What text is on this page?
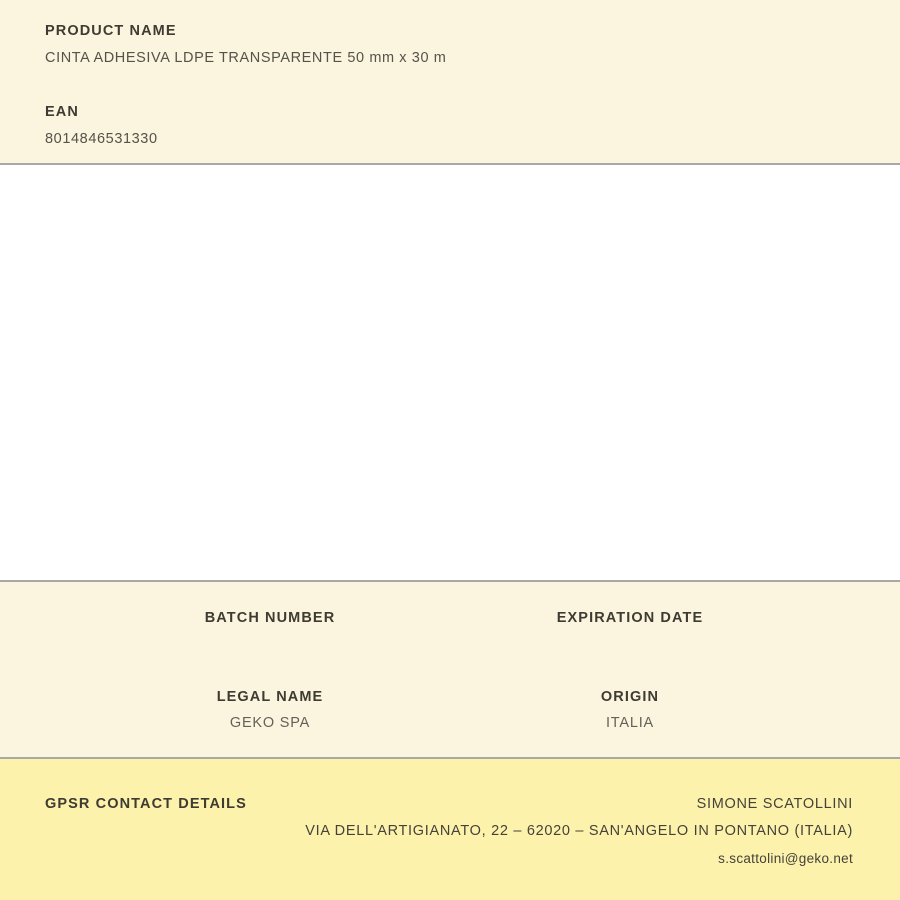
PRODUCT NAME
CINTA ADHESIVA LDPE TRANSPARENTE 50 mm x 30 m
EAN
8014846531330
BATCH NUMBER	EXPIRATION DATE
LEGAL NAME
GEKO SPA
ORIGIN
ITALIA
GPSR CONTACT DETAILS	SIMONE SCATOLLINI
VIA DELL'ARTIGIANATO, 22 – 62020 – SAN'ANGELO IN PONTANO (ITALIA)
s.scattolini@geko.net
